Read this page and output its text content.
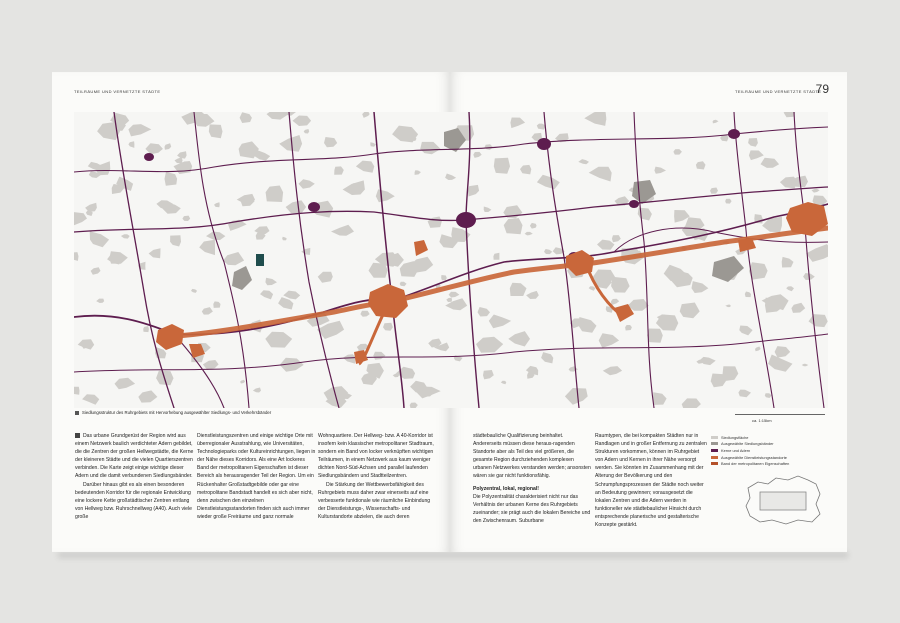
TEILRÄUME UND VERNETZTE STÄDTE	TEILRÄUME UND VERNETZTE STÄDTE
79
Siedlungsstruktur des Ruhrgebiets mit Hervorhebung ausgewählter Siedlungs- und Verkehrsbänder
ca. 1:15km

Das urbane Grundgerüst der Region wird aus einem Netzwerk baulich verdichteter Adern gebildet, die die Zentren der großen Hellwegstädte, die Kerne der kleineren Städte und die vielen Quartierszentren verbinden. Die Karte zeigt einige wichtige dieser Adern und die damit verbundenen Siedlungsbänder.

Darüber hinaus gibt es als einen besonderen bedeutenden Korridor für die regionale Entwicklung eine lockere Kette großstädtischer Zentren entlang von Hellweg bzw. Ruhrschnellweg (A40). Auch viele große

Dienstleistungszentren und einige wichtige Orte mit überregionaler Ausstrahlung, wie Universitäten, Technologieparks oder Kultureinrichtungen, liegen in der Nähe dieses Korridors. Als eine Art lockeres Band der metropolitanen Eigenschaften ist dieser Bereich als herausragender Teil der Region. Um ein Rückenhalter Großstadtgebilde oder gar eine metropolitane Bandstadt handelt es sich aber nicht, denn zwischen den einzelnen Dienstleistungsstandorten finden sich auch immer wieder große Freiräume und ganz normale

Wohnquartiere. Der Hellweg- bzw. A 40-Korridor ist insofern kein klassischer metropolitaner Stadtraum, sondern ein Band von locker verknüpften wichtigen Teilräumen, in einem Netzwerk aus kaum weniger dichten Nord-Süd-Achsen und parallel laufenden Siedlungsbändern und Stadtteilzentren.

Die Stärkung der Wettbewerbsfähigkeit des Ruhrgebiets muss daher zwar einerseits auf eine verbesserte funktionale wie räumliche Einbindung der Dienstleistungs-, Wissenschafts- und Kulturstandorte abzielen, die auch deren

städtebauliche Qualifizierung beinhaltet. Andererseits müssen diese heraus-ragenden Standorte aber als Teil des viel größeren, die gesamte Region durchziehenden komplexen urbanen Netzwerkes verstanden werden; ansonsten wären sie gar nicht funktionsfähig.

Polyzentral, lokal, regional!

Die Polyzentralität charakterisiert nicht nur das Verhältnis der urbanen Kerne des Ruhrgebiets zueinander; sie prägt auch die lokalen Bereiche und den Zwischenraum. Suburbane

Raumtypen, die bei kompakten Städten nur in Randlagen und in großer Entfernung zu zentralen Strukturen vorkommen, können im Ruhrgebiet von Adern und Kernen in ihrer Nähe versorgt werden. Sie könnten im Zusammenhang mit der Alterung der Bevölkerung und den Schrumpfungsprozessen der Städte noch weiter an Bedeutung gewinnen; vorausgesetzt die lokalen Zentren und die Adern werden in funktioneller wie städtebaulicher Hinsicht durch entsprechende planerische und gestalterische Konzepte gestärkt.

Siedlungsfläche
Ausgewählte Siedlungsbänder
Kerne und Adern
Ausgewählte Dienstleistungsstandorte
Band der metropolitanen Eigenschaften
